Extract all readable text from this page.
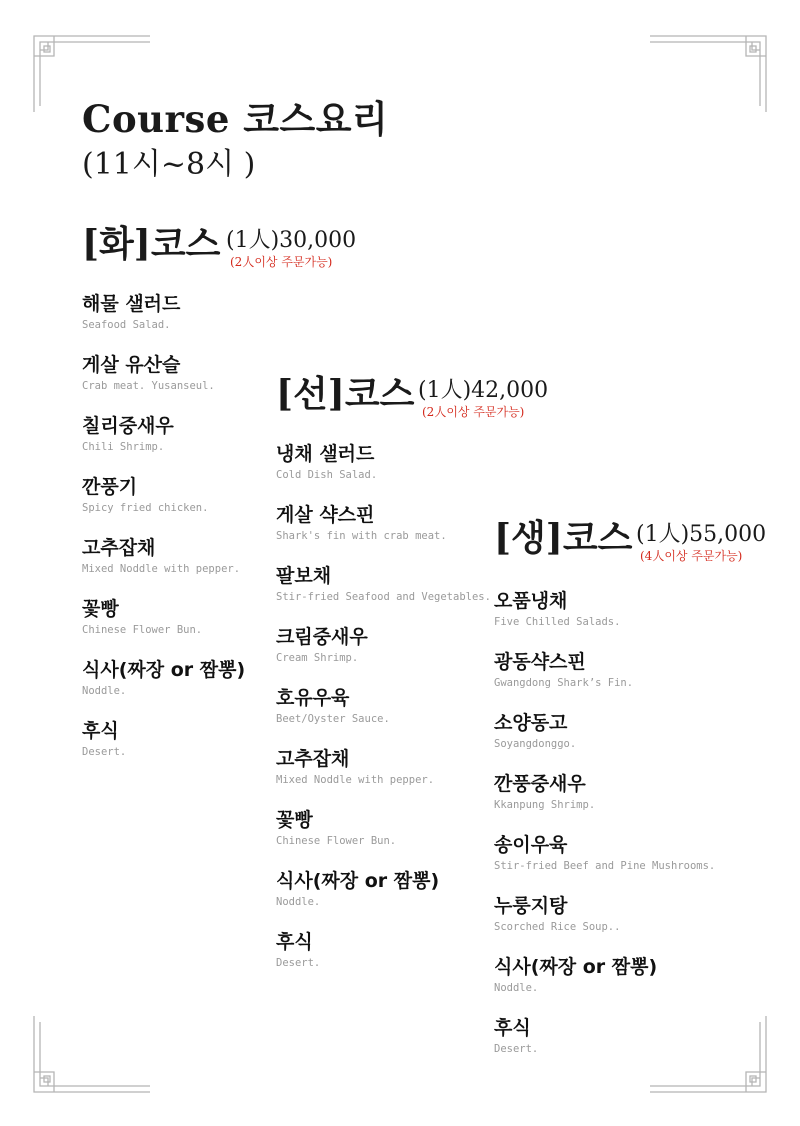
Course 코스요리
(11시~8시 )
[화]코스 (1人)30,000
(2人이상 주문가능)
해물 샐러드
Seafood Salad.
게살 유산슬
Crab meat. Yusanseul.
칠리중새우
Chili Shrimp.
깐풍기
Spicy fried chicken.
고추잡채
Mixed Noddle with pepper.
꽃빵
Chinese Flower Bun.
식사(짜장 or 짬뽕)
Noddle.
후식
Desert.
[선]코스 (1人)42,000
(2人이상 주문가능)
냉채 샐러드
Cold Dish Salad.
게살 샥스핀
Shark's fin with crab meat.
팔보채
Stir-fried Seafood and Vegetables.
크림중새우
Cream Shrimp.
호유우육
Beet/Oyster Sauce.
고추잡채
Mixed Noddle with pepper.
꽃빵
Chinese Flower Bun.
식사(짜장 or 짬뽕)
Noddle.
후식
Desert.
[생]코스 (1人)55,000
(4人이상 주문가능)
오품냉채
Five Chilled Salads.
광동샥스핀
Gwangdong Shark’s Fin.
소양동고
Soyangdonggo.
깐풍중새우
Kkanpung Shrimp.
송이우육
Stir-fried Beef and Pine Mushrooms.
누룽지탕
Scorched Rice Soup..
식사(짜장 or 짬뽕)
Noddle.
후식
Desert.
